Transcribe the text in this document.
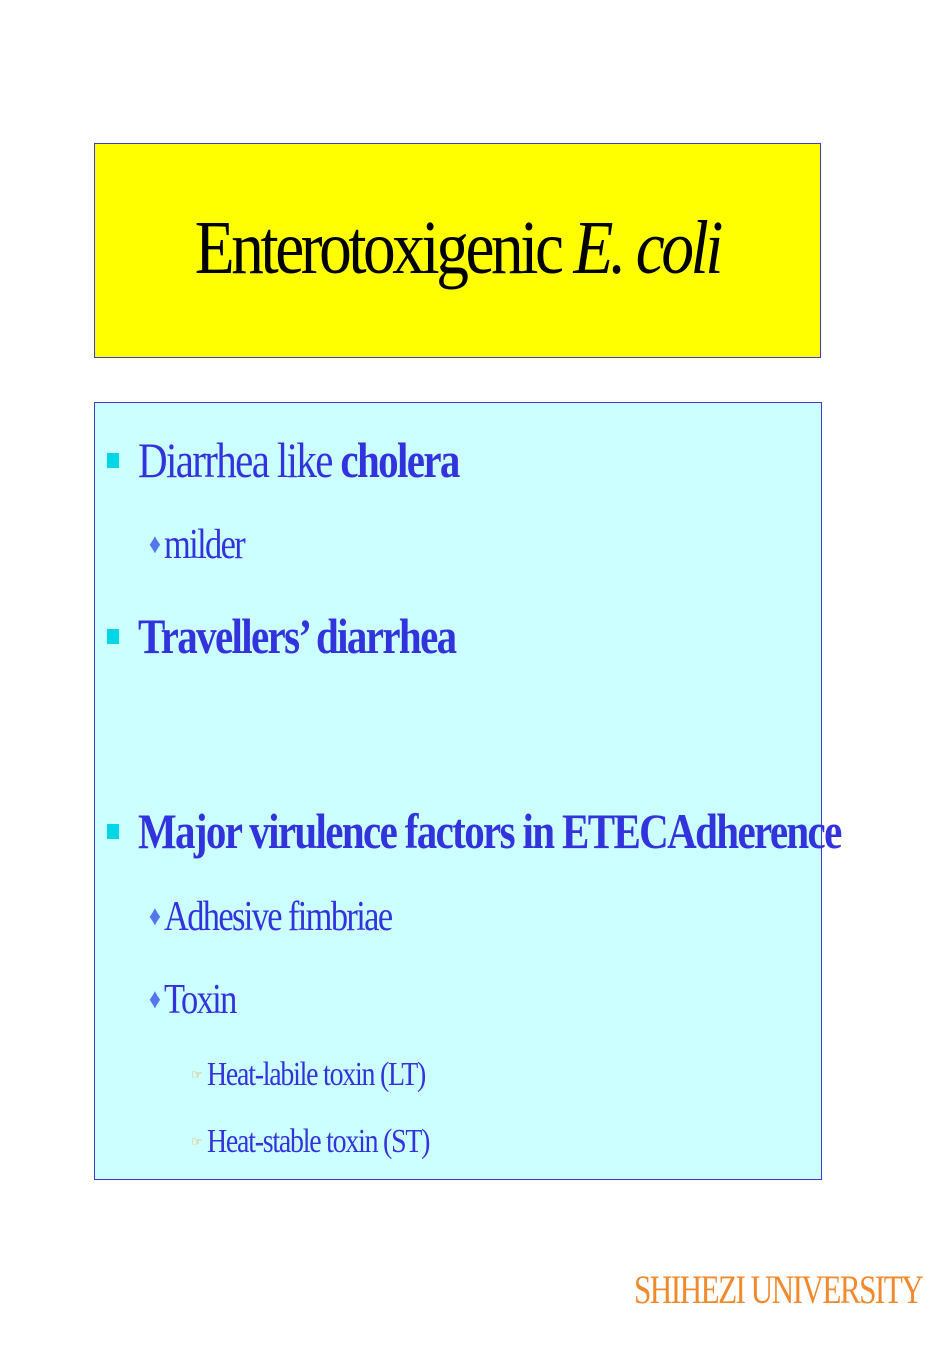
Enterotoxigenic E. coli
Diarrhea like cholera
♦ milder
Travellers’ diarrhea
Major virulence factors in ETECAdherence
♦ Adhesive fimbriae
♦ Toxin
☞ Heat-labile toxin (LT)
☞ Heat-stable toxin (ST)
SHIHEZI UNIVERSITY
